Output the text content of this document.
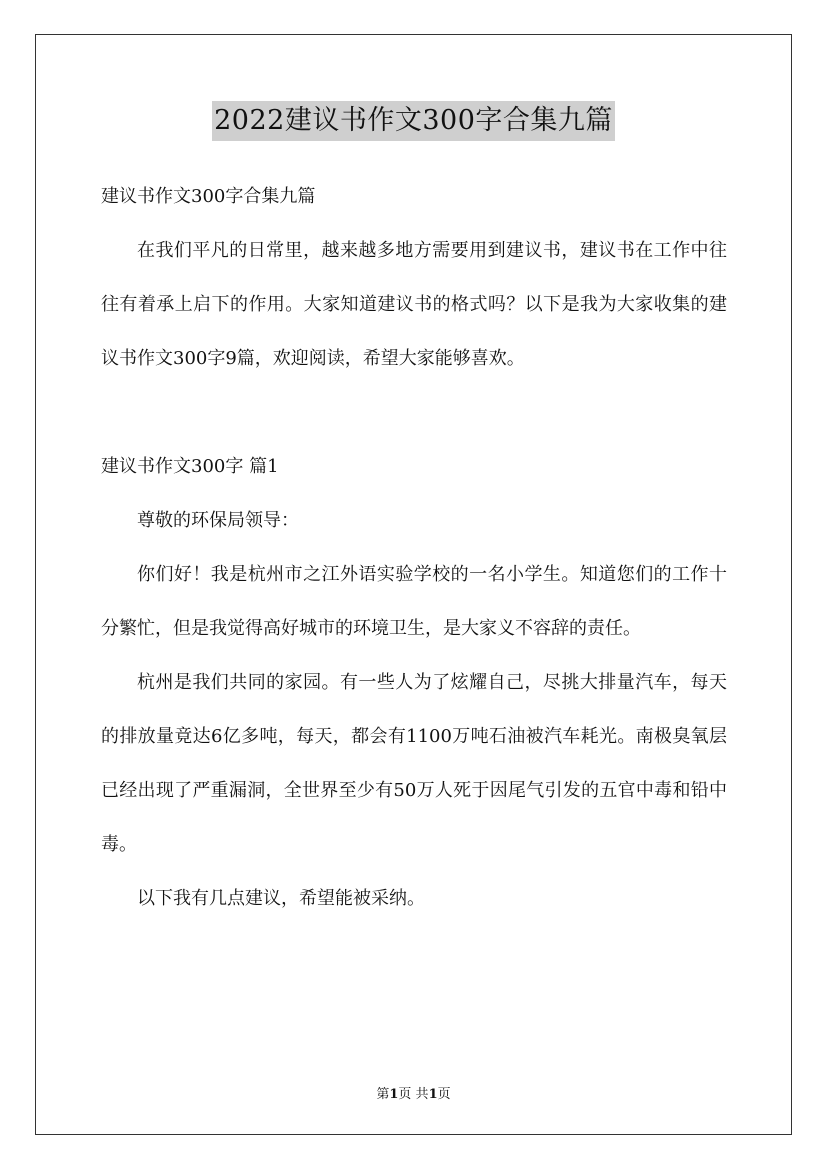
2022建议书作文300字合集九篇

建议书作文300字合集九篇

在我们平凡的日常里，越来越多地方需要用到建议书，建议书在工作中往往有着承上启下的作用。大家知道建议书的格式吗？以下是我为大家收集的建议书作文300字9篇，欢迎阅读，希望大家能够喜欢。

建议书作文300字 篇1

尊敬的环保局领导：

你们好！我是杭州市之江外语实验学校的一名小学生。知道您们的工作十分繁忙，但是我觉得高好城市的环境卫生，是大家义不容辞的责任。

杭州是我们共同的家园。有一些人为了炫耀自己，尽挑大排量汽车，每天的排放量竟达6亿多吨，每天，都会有1100万吨石油被汽车耗光。南极臭氧层已经出现了严重漏洞，全世界至少有50万人死于因尾气引发的五官中毒和铅中毒。

以下我有几点建议，希望能被采纳。

第1页 共1页
